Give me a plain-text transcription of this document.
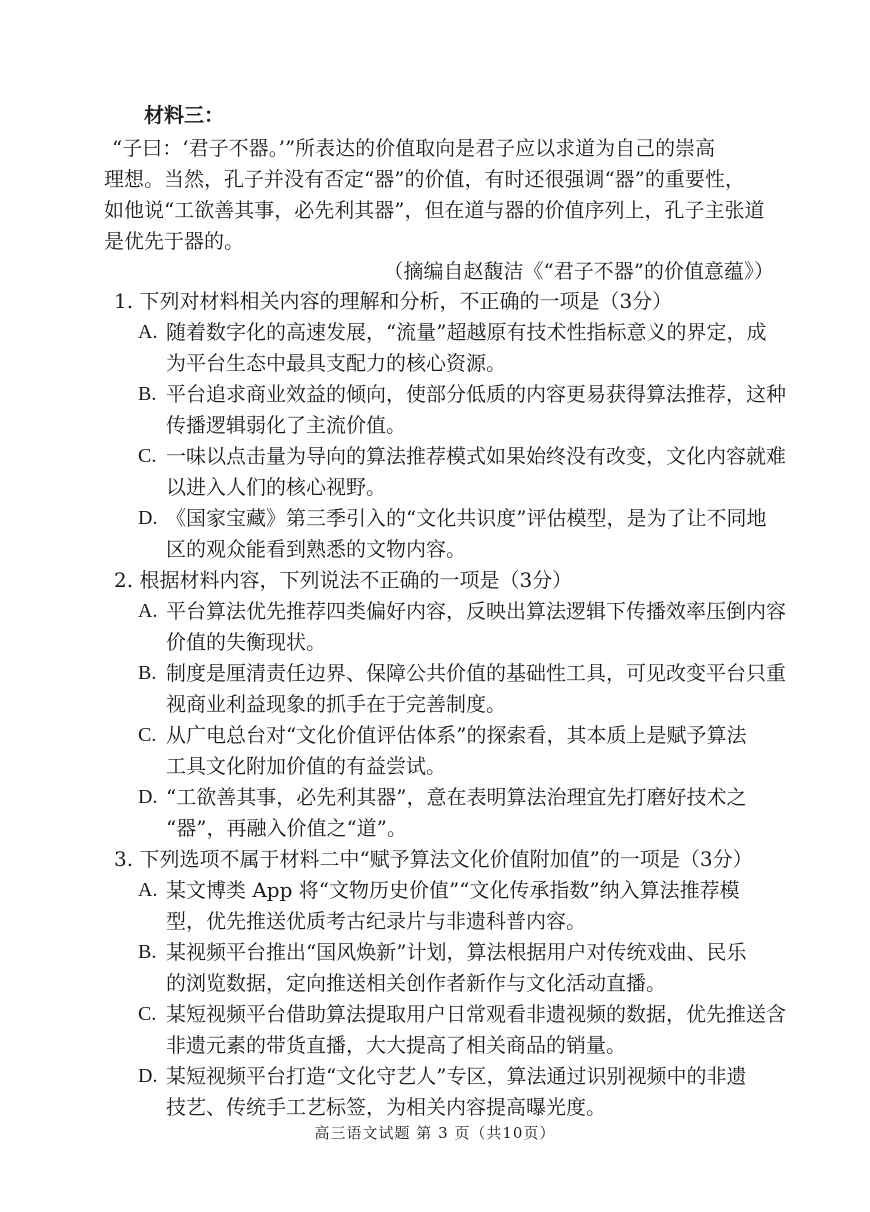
材料三：
“子曰：‘君子不器。’”所表达的价值取向是君子应以求道为自己的崇高
理想。当然，孔子并没有否定“器”的价值，有时还很强调“器”的重要性，
如他说“工欲善其事，必先利其器”，但在道与器的价值序列上，孔子主张道
是优先于器的。
（摘编自赵馥洁《“君子不器”的价值意蕴》）
1. 下列对材料相关内容的理解和分析，不正确的一项是（3分）
A. 随着数字化的高速发展，“流量”超越原有技术性指标意义的界定，成
为平台生态中最具支配力的核心资源。
B. 平台追求商业效益的倾向，使部分低质的内容更易获得算法推荐，这种
传播逻辑弱化了主流价值。
C. 一味以点击量为导向的算法推荐模式如果始终没有改变，文化内容就难
以进入人们的核心视野。
D. 《国家宝藏》第三季引入的“文化共识度”评估模型，是为了让不同地
区的观众能看到熟悉的文物内容。
2. 根据材料内容，下列说法不正确的一项是（3分）
A. 平台算法优先推荐四类偏好内容，反映出算法逻辑下传播效率压倒内容
价值的失衡现状。
B. 制度是厘清责任边界、保障公共价值的基础性工具，可见改变平台只重
视商业利益现象的抓手在于完善制度。
C. 从广电总台对“文化价值评估体系”的探索看，其本质上是赋予算法
工具文化附加价值的有益尝试。
D. “工欲善其事，必先利其器”，意在表明算法治理宜先打磨好技术之
“器”，再融入价值之“道”。
3. 下列选项不属于材料二中“赋予算法文化价值附加值”的一项是（3分）
A. 某文博类 App 将“文物历史价值”“文化传承指数”纳入算法推荐模
型，优先推送优质考古纪录片与非遗科普内容。
B. 某视频平台推出“国风焕新”计划，算法根据用户对传统戏曲、民乐
的浏览数据，定向推送相关创作者新作与文化活动直播。
C. 某短视频平台借助算法提取用户日常观看非遗视频的数据，优先推送含
非遗元素的带货直播，大大提高了相关商品的销量。
D. 某短视频平台打造“文化守艺人”专区，算法通过识别视频中的非遗
技艺、传统手工艺标签，为相关内容提高曝光度。
高三语文试题 第 3 页（共10页）
